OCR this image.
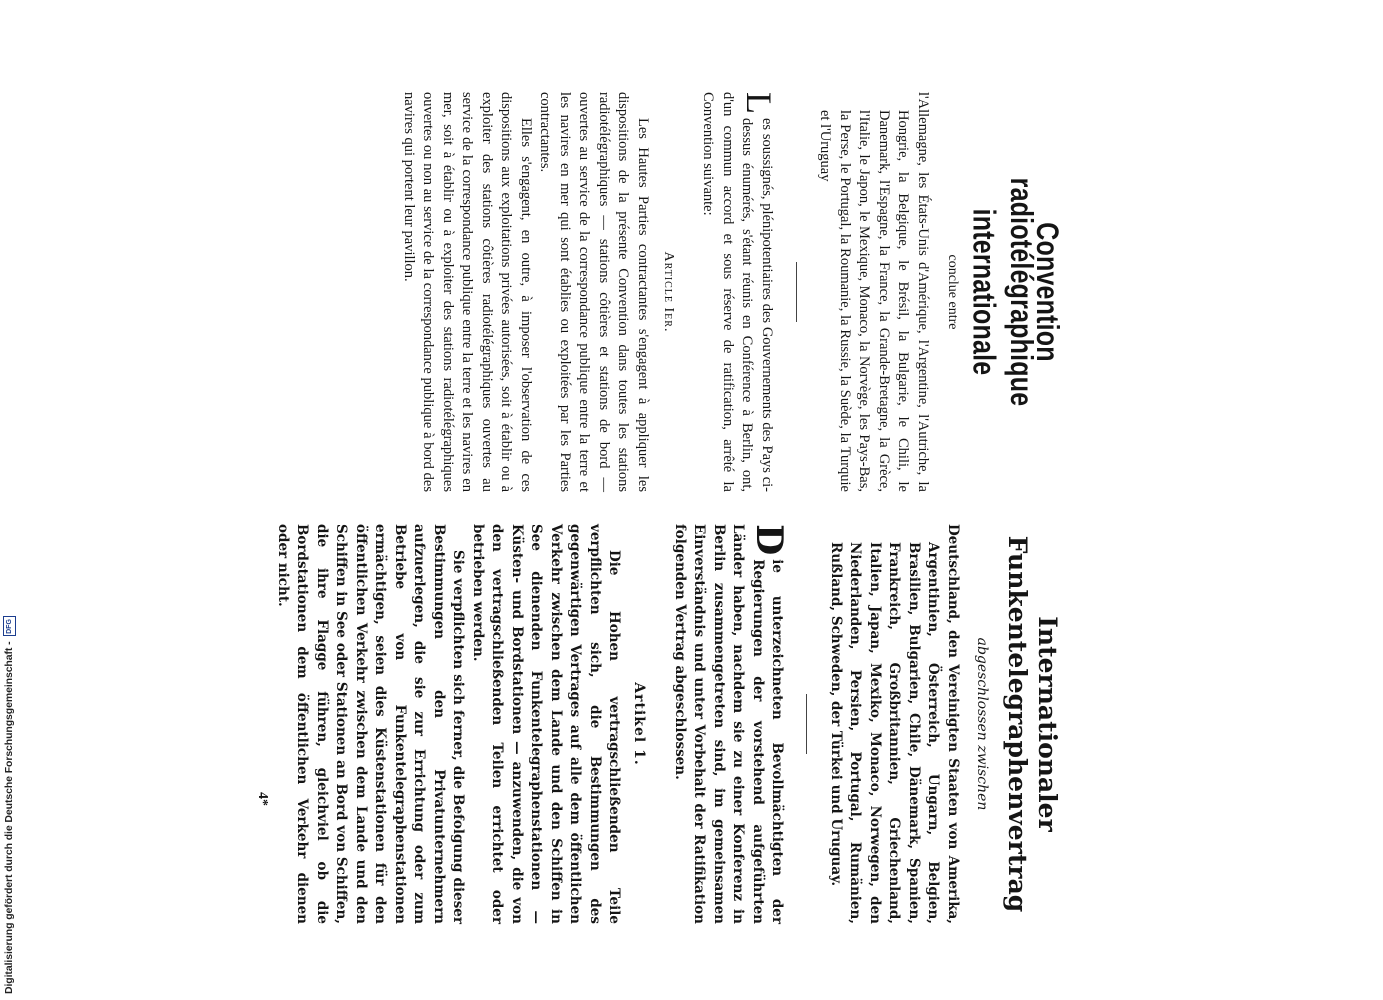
Convention
radiotélégraphique internationale
conclue entre

l'Allemagne, les États-Unis d'Amérique, l'Argentine, l'Autriche, la Hongrie, la Belgique, le Brésil, la Bulgarie, le Chili, le Danemark, l'Espagne, la France, la Grande-Bretagne, la Grèce, l'Italie, le Japon, le Mexique, Monaco, la Norvège, les Pays-Bas, la Perse, le Portugal, la Roumanie, la Russie, la Suède, la Turquie et l'Uruguay

Les soussignés, plénipotentiaires des Gouvernements des Pays ci-dessus énumérés, s'étant réunis en Conférence à Berlin, ont, d'un commun accord et sous réserve de ratification, arrêté la Convention suivante:

Article Ier.

Les Hautes Parties contractantes s'engagent à appliquer les dispositions de la présente Convention dans toutes les stations radiotélégraphiques — stations côtières et stations de bord — ouvertes au service de la correspondance publique entre la terre et les navires en mer qui sont établies ou exploitées par les Parties contractantes.

Elles s'engagent, en outre, à imposer l'observation de ces dispositions aux exploitations privées autorisées, soit à établir ou à exploiter des stations côtières radiotélégraphiques ouvertes au service de la correspondance publique entre la terre et les navires en mer, soit à établir ou à exploiter des stations radiotélégraphiques ouvertes ou non au service de la correspondance publique à bord des navires qui portent leur pavillon.

Internationaler
Funkentelegraphenvertrag
abgeschlossen zwischen

Deutschland, den Vereinigten Staaten von Amerika, Argentinien, Österreich, Ungarn, Belgien, Brasilien, Bulgarien, Chile, Dänemark, Spanien, Frankreich, Großbritannien, Griechenland, Italien, Japan, Mexiko, Monaco, Norwegen, den Niederlanden, Persien, Portugal, Rumänien, Rußland, Schweden, der Türkei und Uruguay.

Die unterzeichneten Bevollmächtigten der Regierungen der vorstehend aufgeführten Länder haben, nachdem sie zu einer Konferenz in Berlin zusammengetreten sind, im gemeinsamen Einverständnis und unter Vorbehalt der Ratifikation folgenden Vertrag abgeschlossen.

Artikel 1.

Die Hohen vertragschließenden Teile verpflichten sich, die Bestimmungen des gegenwärtigen Vertrages auf alle dem öffentlichen Verkehr zwischen dem Lande und den Schiffen in See dienenden Funkentelegraphenstationen — Küsten- und Bordstationen — anzuwenden, die von den vertragschließenden Teilen errichtet oder betrieben werden.

Sie verpflichten sich ferner, die Befolgung dieser Bestimmungen den Privatunternehmern aufzuerlegen, die sie zur Errichtung oder zum Betriebe von Funkentelegraphenstationen ermächtigen, seien dies Küstenstationen für den öffentlichen Verkehr zwischen dem Lande und den Schiffen in See oder Stationen an Bord von Schiffen, die ihre Flagge führen, gleichviel ob die Bordstationen dem öffentlichen Verkehr dienen oder nicht.

4*
Digitalisierung gefördert durch die Deutsche Forschungsgemeinschaft -
DFG
